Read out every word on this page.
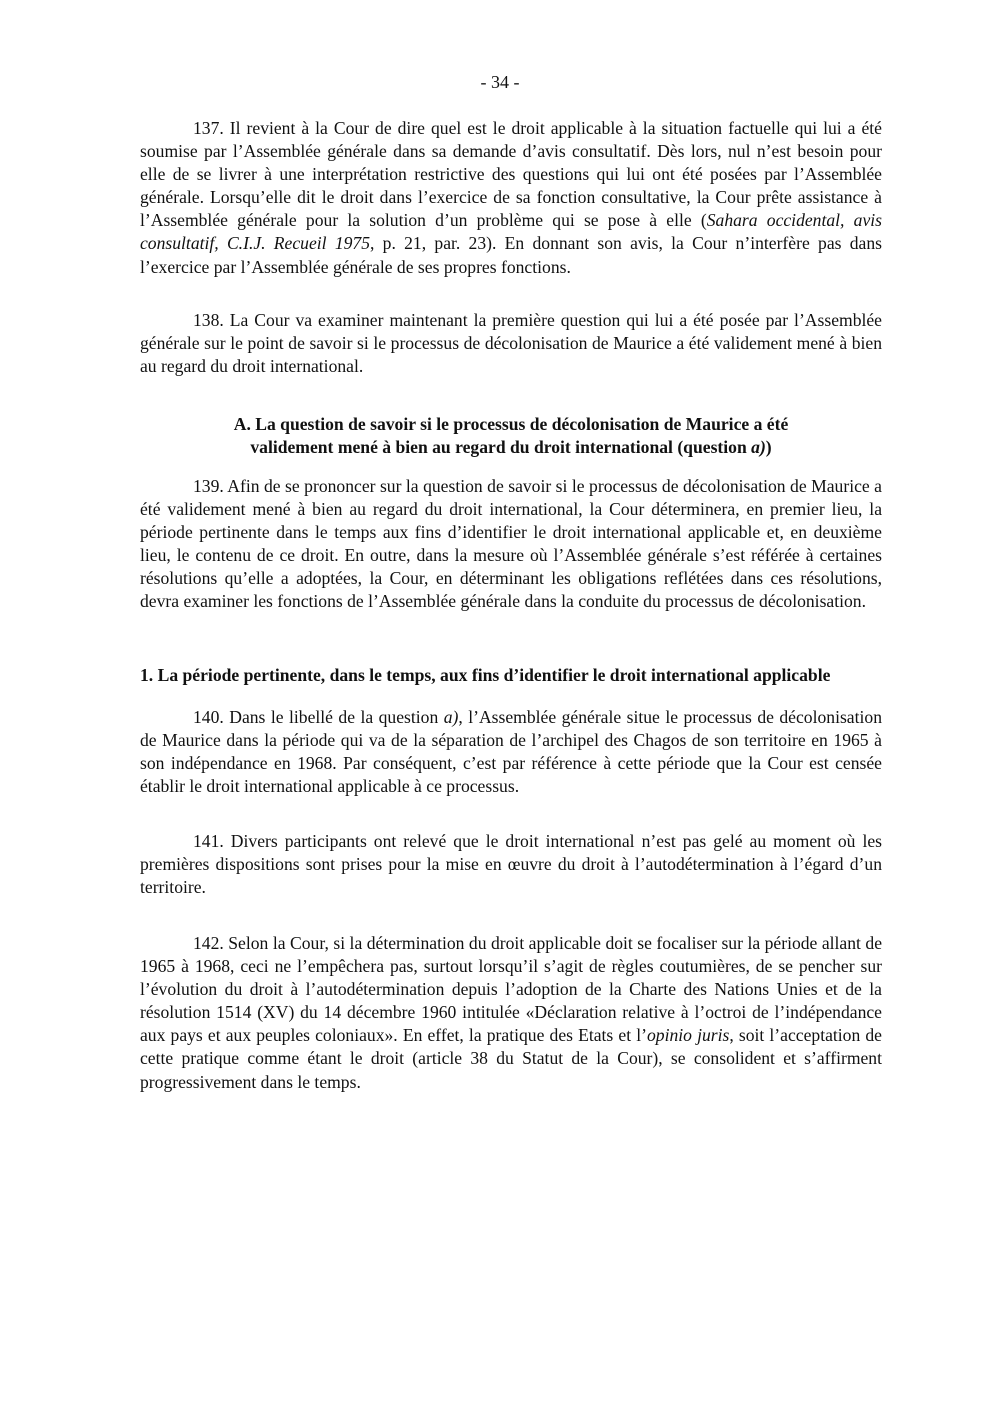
- 34 -

137. Il revient à la Cour de dire quel est le droit applicable à la situation factuelle qui lui a été soumise par l’Assemblée générale dans sa demande d’avis consultatif. Dès lors, nul n’est besoin pour elle de se livrer à une interprétation restrictive des questions qui lui ont été posées par l’Assemblée générale. Lorsqu’elle dit le droit dans l’exercice de sa fonction consultative, la Cour prête assistance à l’Assemblée générale pour la solution d’un problème qui se pose à elle (Sahara occidental, avis consultatif, C.I.J. Recueil 1975, p. 21, par. 23). En donnant son avis, la Cour n’interfère pas dans l’exercice par l’Assemblée générale de ses propres fonctions.

138. La Cour va examiner maintenant la première question qui lui a été posée par l’Assemblée générale sur le point de savoir si le processus de décolonisation de Maurice a été validement mené à bien au regard du droit international.

A. La question de savoir si le processus de décolonisation de Maurice a été
validement mené à bien au regard du droit international (question a))

139. Afin de se prononcer sur la question de savoir si le processus de décolonisation de Maurice a été validement mené à bien au regard du droit international, la Cour déterminera, en premier lieu, la période pertinente dans le temps aux fins d’identifier le droit international applicable et, en deuxième lieu, le contenu de ce droit. En outre, dans la mesure où l’Assemblée générale s’est référée à certaines résolutions qu’elle a adoptées, la Cour, en déterminant les obligations reflétées dans ces résolutions, devra examiner les fonctions de l’Assemblée générale dans la conduite du processus de décolonisation.

1. La période pertinente, dans le temps, aux fins d’identifier le droit international applicable

140. Dans le libellé de la question a), l’Assemblée générale situe le processus de décolonisation de Maurice dans la période qui va de la séparation de l’archipel des Chagos de son territoire en 1965 à son indépendance en 1968. Par conséquent, c’est par référence à cette période que la Cour est censée établir le droit international applicable à ce processus.

141. Divers participants ont relevé que le droit international n’est pas gelé au moment où les premières dispositions sont prises pour la mise en œuvre du droit à l’autodétermination à l’égard d’un territoire.

142. Selon la Cour, si la détermination du droit applicable doit se focaliser sur la période allant de 1965 à 1968, ceci ne l’empêchera pas, surtout lorsqu’il s’agit de règles coutumières, de se pencher sur l’évolution du droit à l’autodétermination depuis l’adoption de la Charte des Nations Unies et de la résolution 1514 (XV) du 14 décembre 1960 intitulée «Déclaration relative à l’octroi de l’indépendance aux pays et aux peuples coloniaux». En effet, la pratique des Etats et l’opinio juris, soit l’acceptation de cette pratique comme étant le droit (article 38 du Statut de la Cour), se consolident et s’affirment progressivement dans le temps.
